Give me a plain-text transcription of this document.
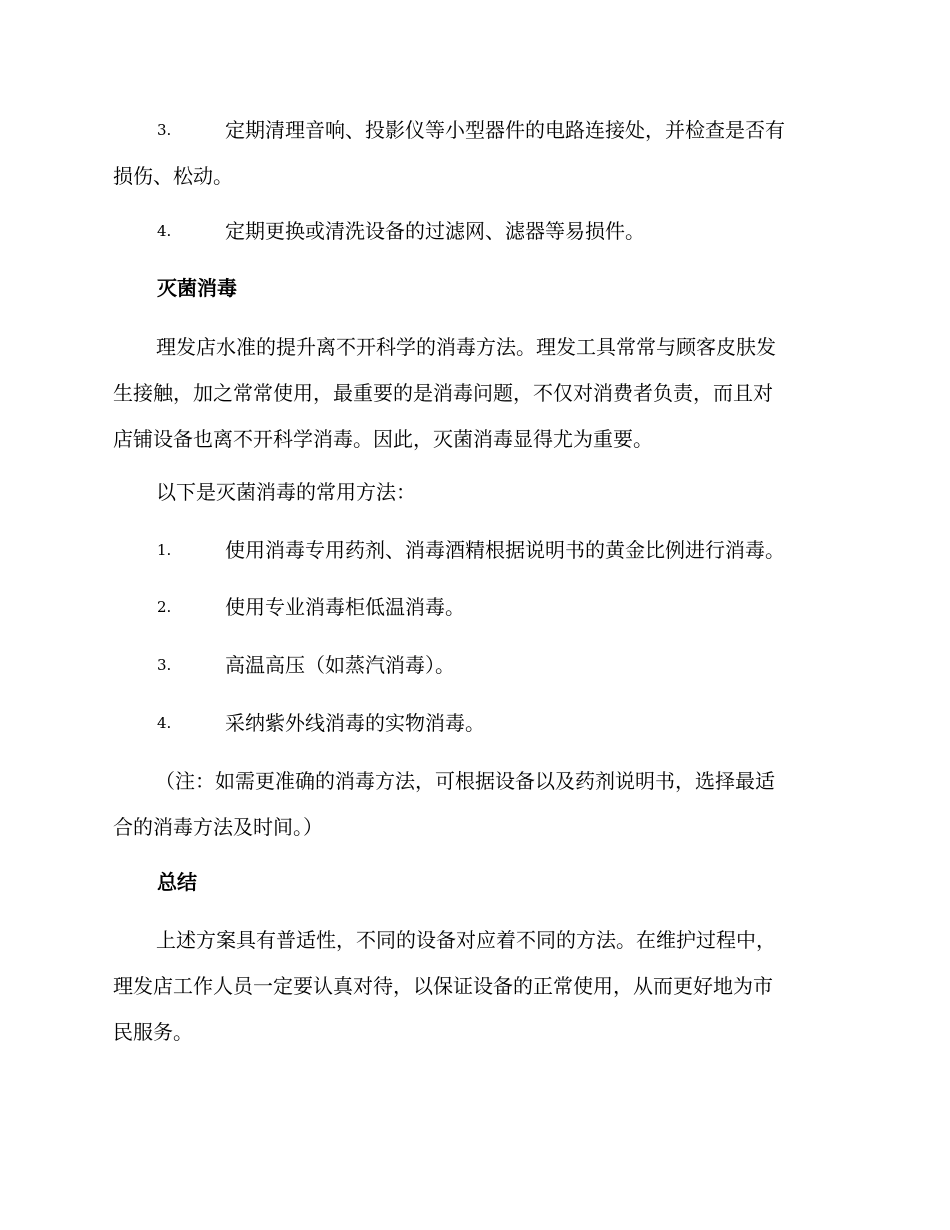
3.	定期清理音响、投影仪等小型器件的电路连接处，并检查是否有
损伤、松动。
4.	定期更换或清洗设备的过滤网、滤器等易损件。
灭菌消毒
理发店水准的提升离不开科学的消毒方法。理发工具常常与顾客皮肤发
生接触，加之常常使用，最重要的是消毒问题，不仅对消费者负责，而且对
店铺设备也离不开科学消毒。因此，灭菌消毒显得尤为重要。
以下是灭菌消毒的常用方法：
1.	使用消毒专用药剂、消毒酒精根据说明书的黄金比例进行消毒。
2.	使用专业消毒柜低温消毒。
3.	高温高压（如蒸汽消毒）。
4.	采纳紫外线消毒的实物消毒。
（注：如需更准确的消毒方法，可根据设备以及药剂说明书，选择最适
合的消毒方法及时间。）
总结
上述方案具有普适性，不同的设备对应着不同的方法。在维护过程中，
理发店工作人员一定要认真对待，以保证设备的正常使用，从而更好地为市
民服务。
